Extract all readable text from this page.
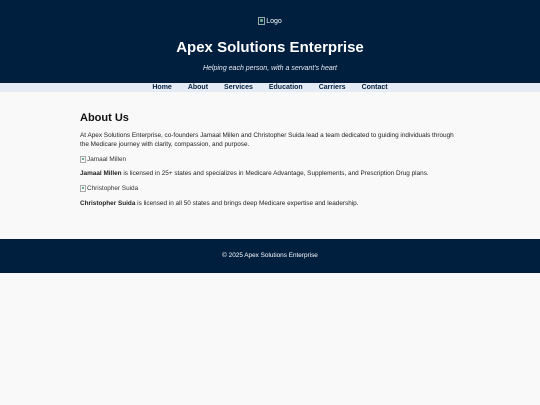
Logo
Apex Solutions Enterprise
Helping each person, with a servant's heart
Home	About	Services	Education	Carriers	Contact
About Us

At Apex Solutions Enterprise, co-founders Jamaal Millen and Christopher Suida lead a team dedicated to guiding individuals through the Medicare journey with clarity, compassion, and purpose.

Jamaal Millen

Jamaal Millen is licensed in 25+ states and specializes in Medicare Advantage, Supplements, and Prescription Drug plans.

Christopher Suida

Christopher Suida is licensed in all 50 states and brings deep Medicare expertise and leadership.

© 2025 Apex Solutions Enterprise
